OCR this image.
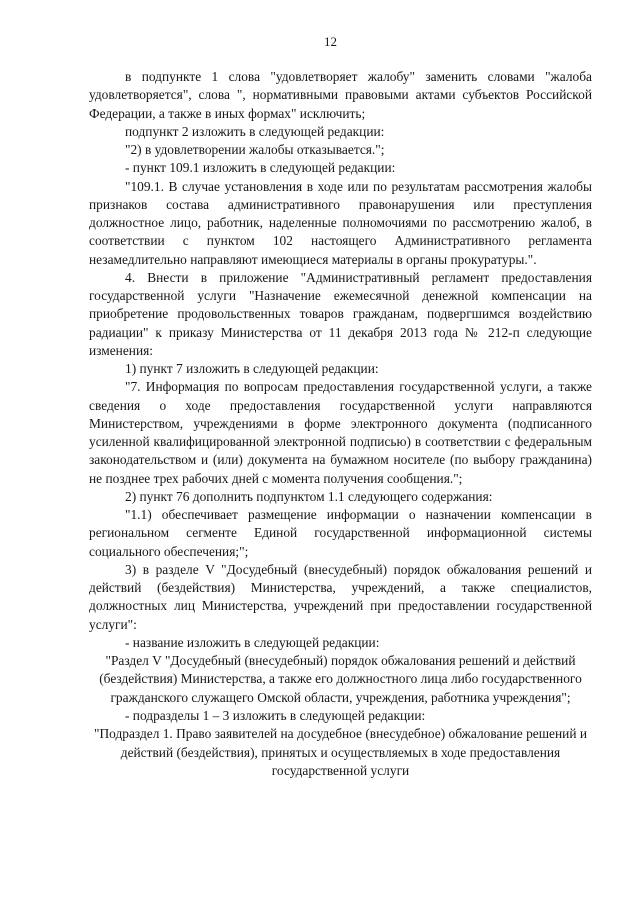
12

в подпункте 1 слова "удовлетворяет жалобу" заменить словами "жалоба удовлетворяется", слова ", нормативными правовыми актами субъектов Российской Федерации, а также в иных формах" исключить;

подпункт 2 изложить в следующей редакции:

"2) в удовлетворении жалобы отказывается.";

- пункт 109.1 изложить в следующей редакции:

"109.1. В случае установления в ходе или по результатам рассмотрения жалобы признаков состава административного правонарушения или преступления должностное лицо, работник, наделенные полномочиями по рассмотрению жалоб, в соответствии с пунктом 102 настоящего Административного регламента незамедлительно направляют имеющиеся материалы в органы прокуратуры.".

4. Внести в приложение "Административный регламент предоставления государственной услуги "Назначение ежемесячной денежной компенсации на приобретение продовольственных товаров гражданам, подвергшимся воздействию радиации" к приказу Министерства от 11 декабря 2013 года № 212-п следующие изменения:

1) пункт 7 изложить в следующей редакции:

"7. Информация по вопросам предоставления государственной услуги, а также сведения о ходе предоставления государственной услуги направляются Министерством, учреждениями в форме электронного документа (подписанного усиленной квалифицированной электронной подписью) в соответствии с федеральным законодательством и (или) документа на бумажном носителе (по выбору гражданина) не позднее трех рабочих дней с момента получения сообщения.";

2) пункт 76 дополнить подпунктом 1.1 следующего содержания:

"1.1) обеспечивает размещение информации о назначении компенсации в региональном сегменте Единой государственной информационной системы социального обеспечения;";

3) в разделе V "Досудебный (внесудебный) порядок обжалования решений и действий (бездействия) Министерства, учреждений, а также специалистов, должностных лиц Министерства, учреждений при предоставлении государственной услуги":

- название изложить в следующей редакции:

"Раздел V "Досудебный (внесудебный) порядок обжалования решений и действий (бездействия) Министерства, а также его должностного лица либо государственного гражданского служащего Омской области, учреждения, работника учреждения";

- подразделы 1 – 3 изложить в следующей редакции:

"Подраздел 1. Право заявителей на досудебное (внесудебное) обжалование решений и действий (бездействия), принятых и осуществляемых в ходе предоставления государственной услуги
